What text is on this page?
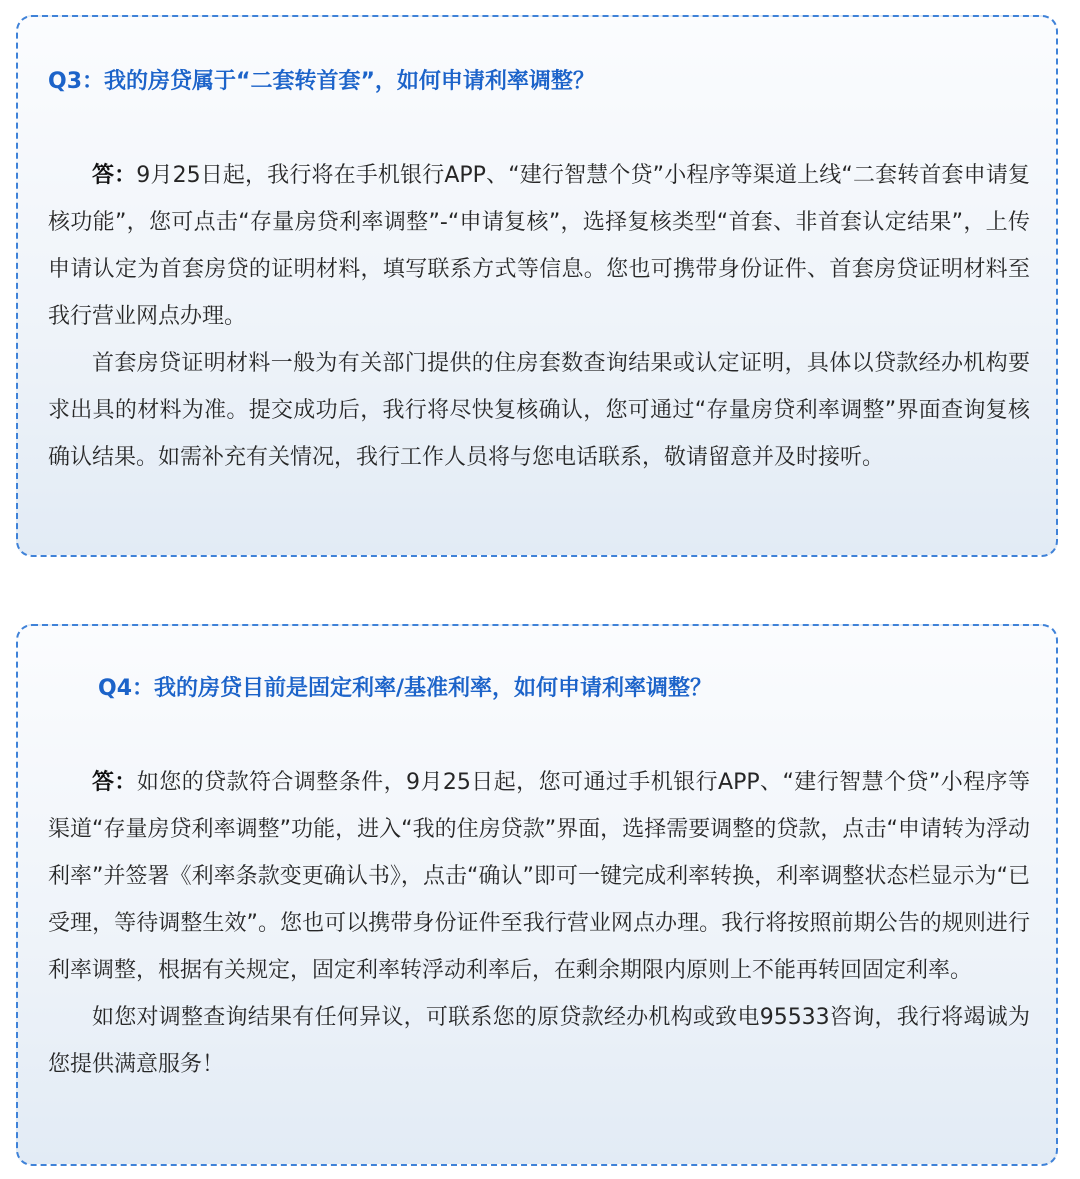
Q3：我的房贷属于“二套转首套”，如何申请利率调整？

答：9月25日起，我行将在手机银行APP、“建行智慧个贷”小程序等渠道上线“二套转首套申请复核功能”，您可点击“存量房贷利率调整”-“申请复核”，选择复核类型“首套、非首套认定结果”，上传申请认定为首套房贷的证明材料，填写联系方式等信息。您也可携带身份证件、首套房贷证明材料至我行营业网点办理。

首套房贷证明材料一般为有关部门提供的住房套数查询结果或认定证明，具体以贷款经办机构要求出具的材料为准。提交成功后，我行将尽快复核确认，您可通过“存量房贷利率调整”界面查询复核确认结果。如需补充有关情况，我行工作人员将与您电话联系，敬请留意并及时接听。

Q4：我的房贷目前是固定利率/基准利率，如何申请利率调整？

答：如您的贷款符合调整条件，9月25日起，您可通过手机银行APP、“建行智慧个贷”小程序等渠道“存量房贷利率调整”功能，进入“我的住房贷款”界面，选择需要调整的贷款，点击“申请转为浮动利率”并签署《利率条款变更确认书》，点击“确认”即可一键完成利率转换，利率调整状态栏显示为“已受理，等待调整生效”。您也可以携带身份证件至我行营业网点办理。我行将按照前期公告的规则进行利率调整，根据有关规定，固定利率转浮动利率后，在剩余期限内原则上不能再转回固定利率。

如您对调整查询结果有任何异议，可联系您的原贷款经办机构或致电95533咨询，我行将竭诚为您提供满意服务！
